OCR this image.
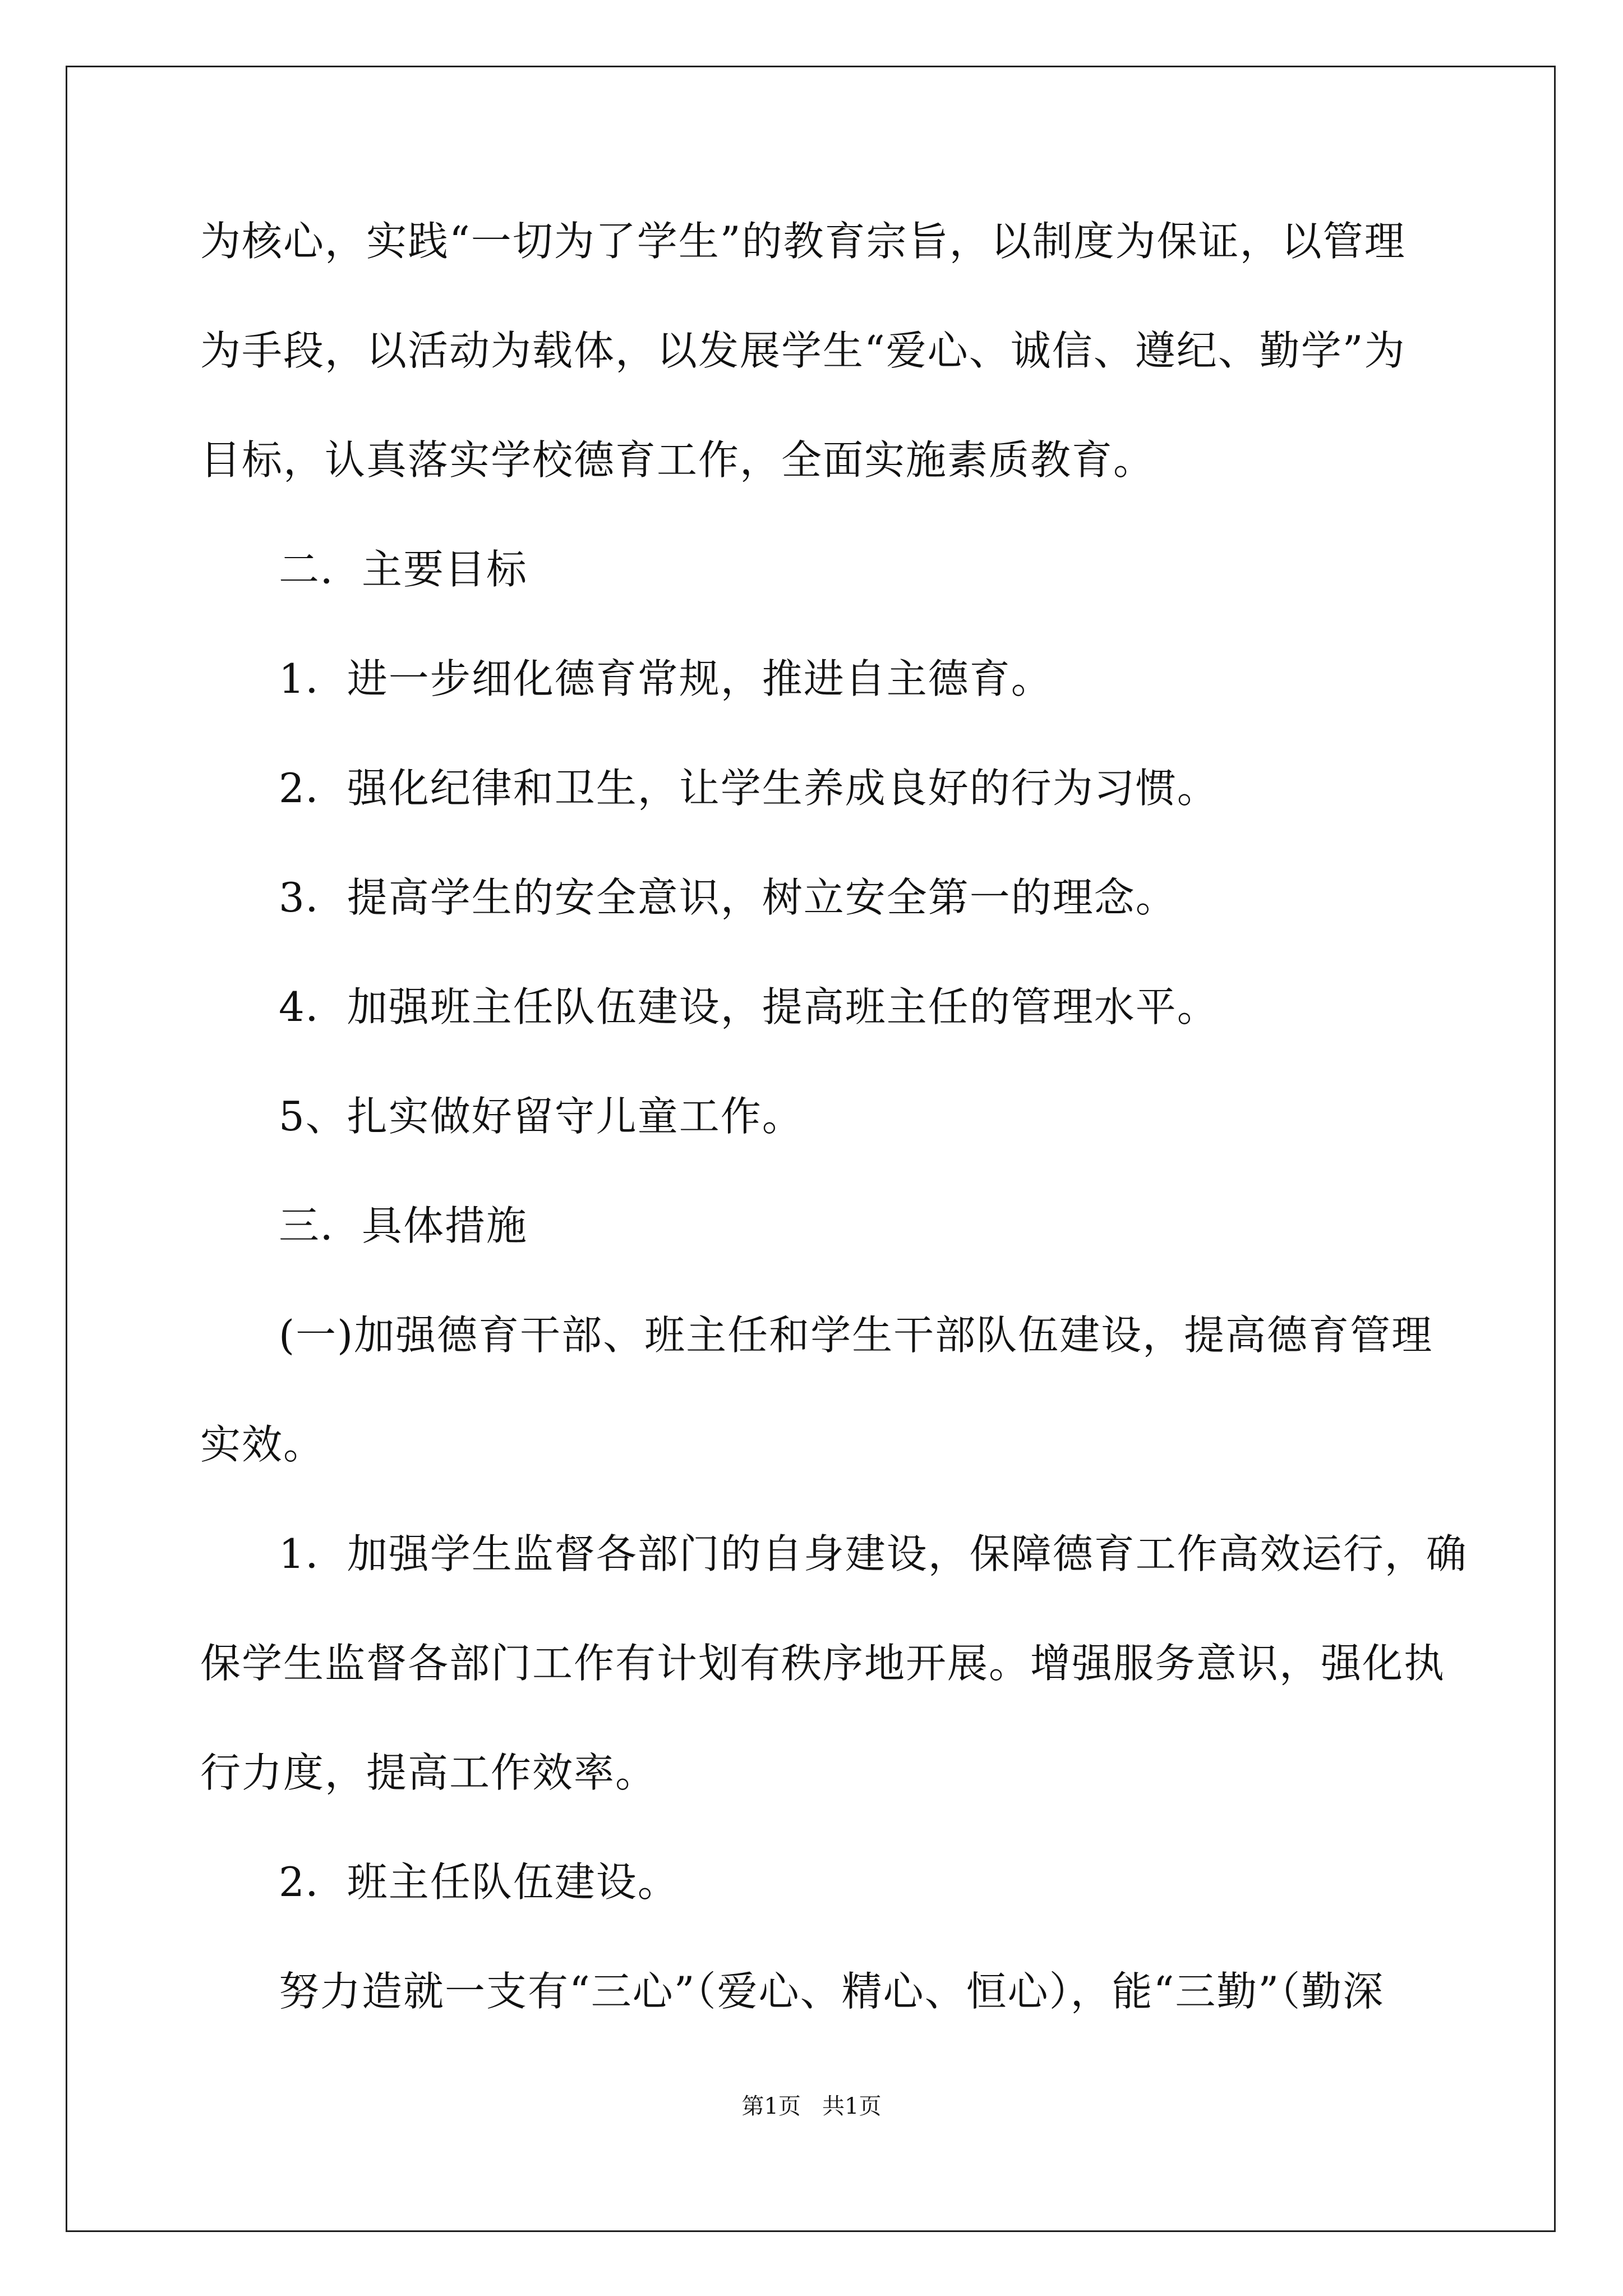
为核心，实践“一切为了学生”的教育宗旨，以制度为保证，以管理
为手段，以活动为载体，以发展学生“爱心、诚信、遵纪、勤学”为
目标，认真落实学校德育工作，全面实施素质教育。
二．主要目标
1．进一步细化德育常规，推进自主德育。
2．强化纪律和卫生，让学生养成良好的行为习惯。
3．提高学生的安全意识，树立安全第一的理念。
4．加强班主任队伍建设，提高班主任的管理水平。
5、扎实做好留守儿童工作。
三．具体措施
(一)加强德育干部、班主任和学生干部队伍建设，提高德育管理
实效。
1．加强学生监督各部门的自身建设，保障德育工作高效运行，确
保学生监督各部门工作有计划有秩序地开展。增强服务意识，强化执
行力度，提高工作效率。
2．班主任队伍建设。
努力造就一支有“三心”（爱心、精心、恒心），能“三勤”（勤深
第1页   共1页
